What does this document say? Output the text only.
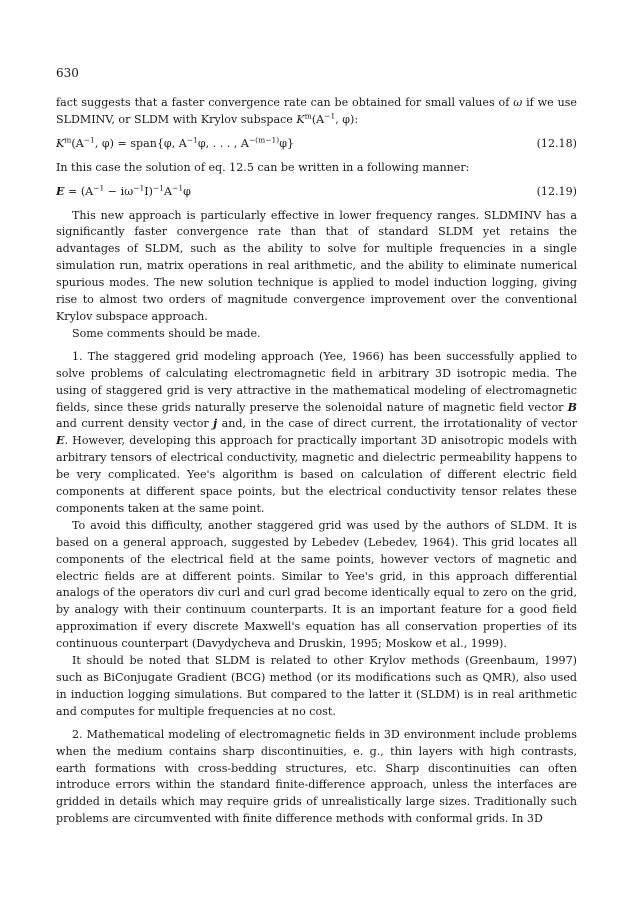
630

fact suggests that a faster convergence rate can be obtained for small values of ω if we use SLDMINV, or SLDM with Krylov subspace $K^m(A^{-1}$, φ):

$K^m(A^{-1}$, φ) = span{φ, $A^{-1}\varphi$, . . . , $A^{-(m-1)}\varphi$}	(12.18)

In this case the solution of eq. 12.5 can be written in a following manner:

$E = (A^{-1} - i\omega^{-1}I)^{-1}A^{-1}\varphi$	(12.19)

This new approach is particularly effective in lower frequency ranges. SLDMINV has a significantly faster convergence rate than that of standard SLDM yet retains the advantages of SLDM, such as the ability to solve for multiple frequencies in a single simulation run, matrix operations in real arithmetic, and the ability to eliminate numerical spurious modes. The new solution technique is applied to model induction logging, giving rise to almost two orders of magnitude convergence improvement over the conventional Krylov subspace approach.

Some comments should be made.

1. The staggered grid modeling approach (Yee, 1966) has been successfully applied to solve problems of calculating electromagnetic field in arbitrary 3D isotropic media. The using of staggered grid is very attractive in the mathematical modeling of electromagnetic fields, since these grids naturally preserve the solenoidal nature of magnetic field vector B and current density vector j and, in the case of direct current, the irrotationality of vector E. However, developing this approach for practically important 3D anisotropic models with arbitrary tensors of electrical conductivity, magnetic and dielectric permeability happens to be very complicated. Yee's algorithm is based on calculation of different electric field components at different space points, but the electrical conductivity tensor relates these components taken at the same point.

To avoid this difficulty, another staggered grid was used by the authors of SLDM. It is based on a general approach, suggested by Lebedev (Lebedev, 1964). This grid locates all components of the electrical field at the same points, however vectors of magnetic and electric fields are at different points. Similar to Yee's grid, in this approach differential analogs of the operators div curl and curl grad become identically equal to zero on the grid, by analogy with their continuum counterparts. It is an important feature for a good field approximation if every discrete Maxwell's equation has all conservation properties of its continuous counterpart (Davydycheva and Druskin, 1995; Moskow et al., 1999).

It should be noted that SLDM is related to other Krylov methods (Greenbaum, 1997) such as BiConjugate Gradient (BCG) method (or its modifications such as QMR), also used in induction logging simulations. But compared to the latter it (SLDM) is in real arithmetic and computes for multiple frequencies at no cost.

2. Mathematical modeling of electromagnetic fields in 3D environment include problems when the medium contains sharp discontinuities, e. g., thin layers with high contrasts, earth formations with cross-bedding structures, etc. Sharp discontinuities can often introduce errors within the standard finite-difference approach, unless the interfaces are gridded in details which may require grids of unrealistically large sizes. Traditionally such problems are circumvented with finite difference methods with conformal grids. In 3D
